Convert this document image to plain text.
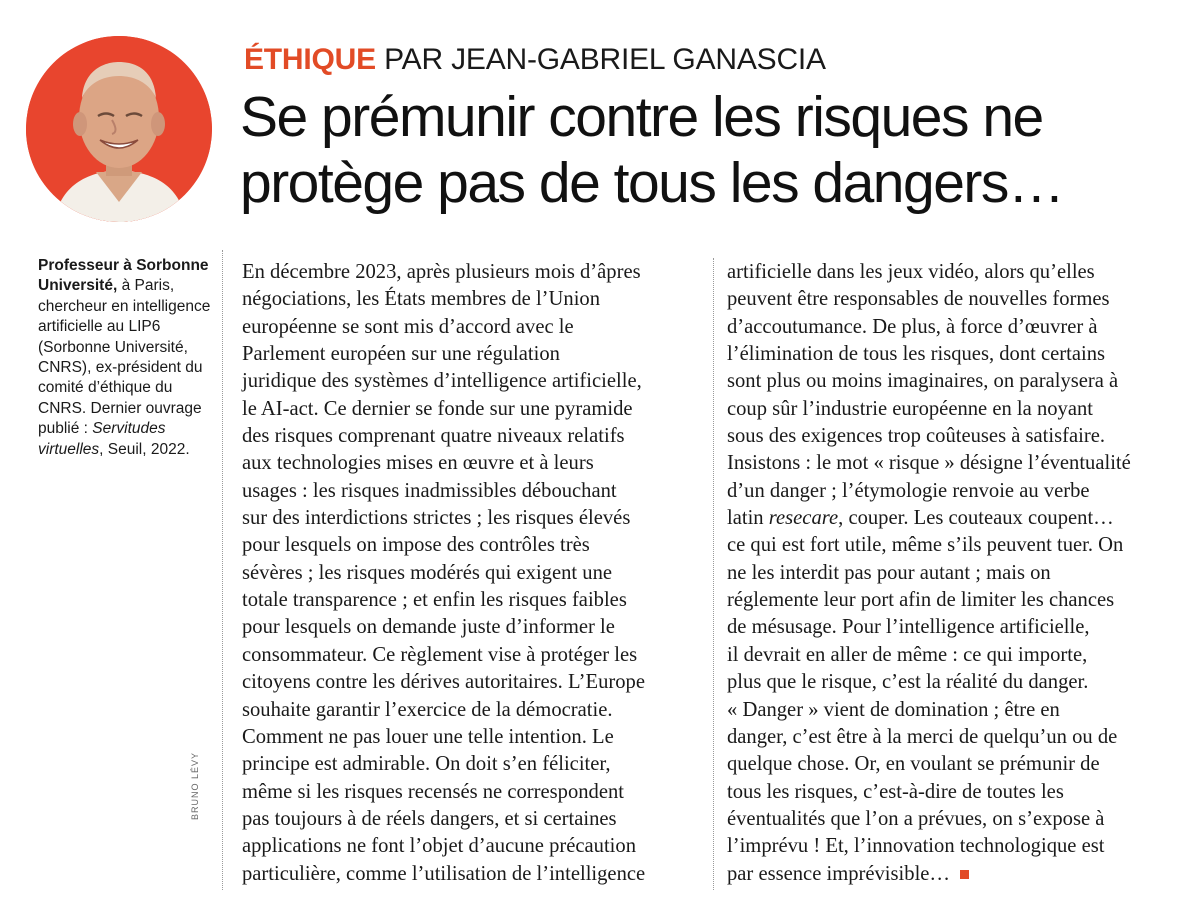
ÉTHIQUE PAR JEAN-GABRIEL GANASCIA
Se prémunir contre les risques ne
protège pas de tous les dangers…
Professeur à Sorbonne Université, à Paris, chercheur en intelligence artificielle au LIP6 (Sorbonne Université, CNRS), ex-président du comité d’éthique du CNRS. Dernier ouvrage publié : Servitudes virtuelles, Seuil, 2022.
BRUNO LÉVY
En décembre 2023, après plusieurs mois d’âpres
négociations, les États membres de l’Union
européenne se sont mis d’accord avec le
Parlement européen sur une régulation
juridique des systèmes d’intelligence artificielle,
le AI-act. Ce dernier se fonde sur une pyramide
des risques comprenant quatre niveaux relatifs
aux technologies mises en œuvre et à leurs
usages : les risques inadmissibles débouchant
sur des interdictions strictes ; les risques élevés
pour lesquels on impose des contrôles très
sévères ; les risques modérés qui exigent une
totale transparence ; et enfin les risques faibles
pour lesquels on demande juste d’informer le
consommateur. Ce règlement vise à protéger les
citoyens contre les dérives autoritaires. L’Europe
souhaite garantir l’exercice de la démocratie.
Comment ne pas louer une telle intention. Le
principe est admirable. On doit s’en féliciter,
même si les risques recensés ne correspondent
pas toujours à de réels dangers, et si certaines
applications ne font l’objet d’aucune précaution
particulière, comme l’utilisation de l’intelligence
artificielle dans les jeux vidéo, alors qu’elles
peuvent être responsables de nouvelles formes
d’accoutumance. De plus, à force d’œuvrer à
l’élimination de tous les risques, dont certains
sont plus ou moins imaginaires, on paralysera à
coup sûr l’industrie européenne en la noyant
sous des exigences trop coûteuses à satisfaire.
Insistons : le mot « risque » désigne l’éventualité
d’un danger ; l’étymologie renvoie au verbe
latin resecare, couper. Les couteaux coupent…
ce qui est fort utile, même s’ils peuvent tuer. On
ne les interdit pas pour autant ; mais on
réglemente leur port afin de limiter les chances
de mésusage. Pour l’intelligence artificielle,
il devrait en aller de même : ce qui importe,
plus que le risque, c’est la réalité du danger.
« Danger » vient de domination ; être en
danger, c’est être à la merci de quelqu’un ou de
quelque chose. Or, en voulant se prémunir de
tous les risques, c’est-à-dire de toutes les
éventualités que l’on a prévues, on s’expose à
l’imprévu ! Et, l’innovation technologique est
par essence imprévisible…
